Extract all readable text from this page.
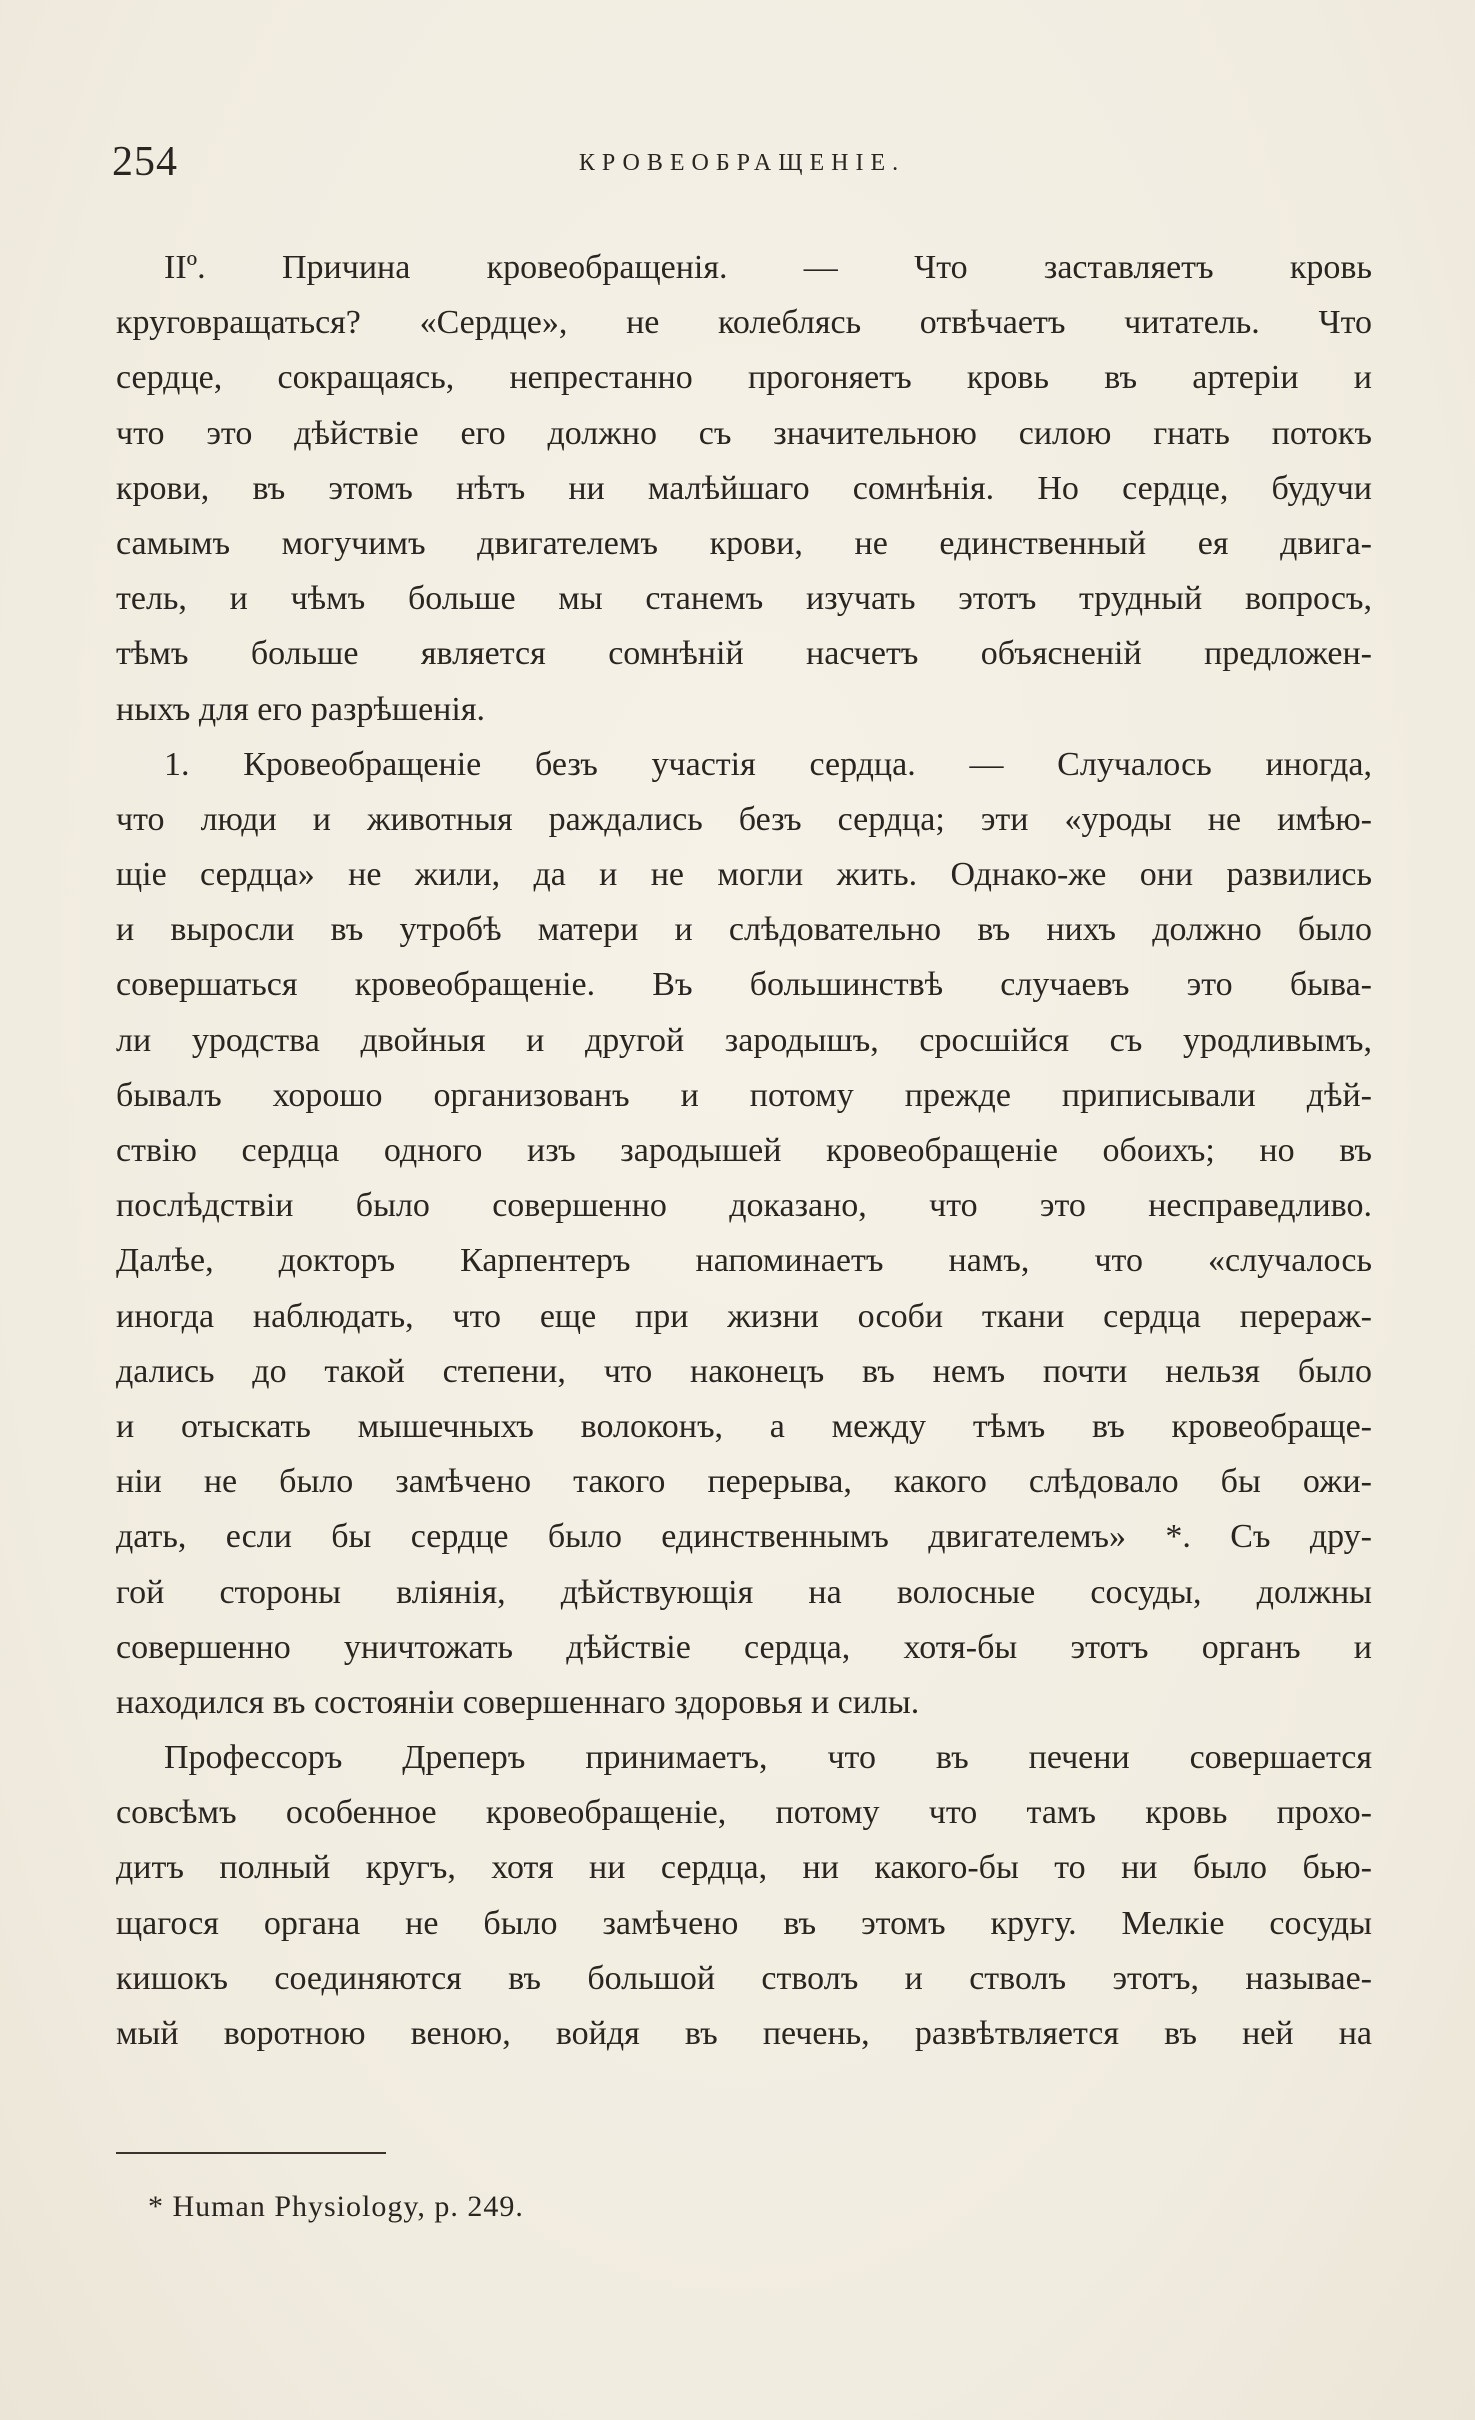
254	КРОВЕОБРАЩЕНІЕ.
IIº. Причина кровеобращенія. — Что заставляетъ кровь
круговращаться? «Сердце», не колеблясь отвѣчаетъ читатель. Что
сердце, сокращаясь, непрестанно прогоняетъ кровь въ артеріи и
что это дѣйствіе его должно съ значительною силою гнать потокъ
крови, въ этомъ нѣтъ ни малѣйшаго сомнѣнія. Но сердце, будучи
самымъ могучимъ двигателемъ крови, не единственный ея двига-
тель, и чѣмъ больше мы станемъ изучать этотъ трудный вопросъ,
тѣмъ больше является сомнѣній насчетъ объясненій предложен-
ныхъ для его разрѣшенія.
1. Кровеобращеніе безъ участія сердца. — Случалось иногда,
что люди и животныя раждались безъ сердца; эти «уроды не имѣю-
щіе сердца» не жили, да и не могли жить. Однако-же они развились
и выросли въ утробѣ матери и слѣдовательно въ нихъ должно было
совершаться кровеобращеніе. Въ большинствѣ случаевъ это быва-
ли уродства двойныя и другой зародышъ, сросшійся съ уродливымъ,
бывалъ хорошо организованъ и потому прежде приписывали дѣй-
ствію сердца одного изъ зародышей кровеобращеніе обоихъ; но въ
послѣдствіи было совершенно доказано, что это несправедливо.
Далѣе, докторъ Карпентеръ напоминаетъ намъ, что «случалось
иногда наблюдать, что еще при жизни особи ткани сердца перераж-
дались до такой степени, что наконецъ въ немъ почти нельзя было
и отыскать мышечныхъ волоконъ, а между тѣмъ въ кровеобраще-
ніи не было замѣчено такого перерыва, какого слѣдовало бы ожи-
дать, если бы сердце было единственнымъ двигателемъ» *. Съ дру-
гой стороны вліянія, дѣйствующія на волосные сосуды, должны
совершенно уничтожать дѣйствіе сердца, хотя-бы этотъ органъ и
находился въ состояніи совершеннаго здоровья и силы.
Профессоръ Дреперъ принимаетъ, что въ печени совершается
совсѣмъ особенное кровеобращеніе, потому что тамъ кровь прохо-
дитъ полный кругъ, хотя ни сердца, ни какого-бы то ни было бью-
щагося органа не было замѣчено въ этомъ кругу. Мелкіе сосуды
кишокъ соединяются въ большой стволъ и стволъ этотъ, называе-
мый воротною веною, войдя въ печень, развѣтвляется въ ней на
* Human Physiology, p. 249.
